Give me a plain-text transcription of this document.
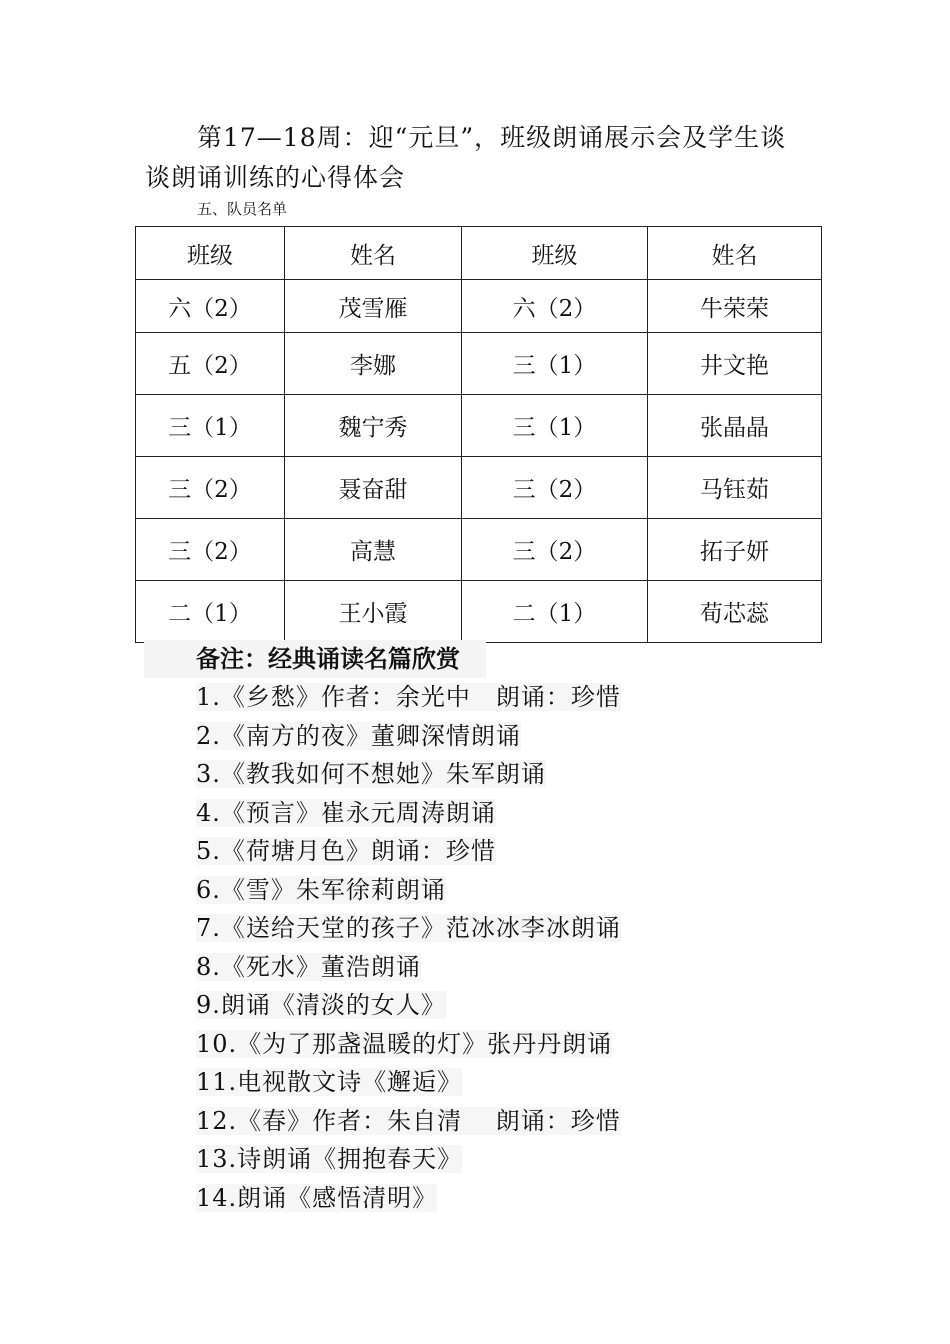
第17—18周：迎“元旦”，班级朗诵展示会及学生谈谈朗诵训练的心得体会

五、队员名单

班级	姓名	班级	姓名
六（2）	茂雪雁	六（2）	牛荣荣
五（2）	李娜	三（1）	井文艳
三（1）	魏宁秀	三（1）	张晶晶
三（2）	聂奋甜	三（2）	马钰茹
三（2）	高慧	三（2）	拓子妍
二（1）	王小霞	二（1）	荀芯蕊
备注：经典诵读名篇欣赏
1.《乡愁》作者：余光中　朗诵：珍惜
2.《南方的夜》董卿深情朗诵
3.《教我如何不想她》朱军朗诵
4.《预言》崔永元周涛朗诵
5.《荷塘月色》朗诵：珍惜
6.《雪》朱军徐莉朗诵
7.《送给天堂的孩子》范冰冰李冰朗诵
8.《死水》董浩朗诵
9.朗诵《清淡的女人》
10.《为了那盏温暖的灯》张丹丹朗诵
11.电视散文诗《邂逅》
12.《春》作者：朱自清　 朗诵：珍惜
13.诗朗诵《拥抱春天》
14.朗诵《感悟清明》
